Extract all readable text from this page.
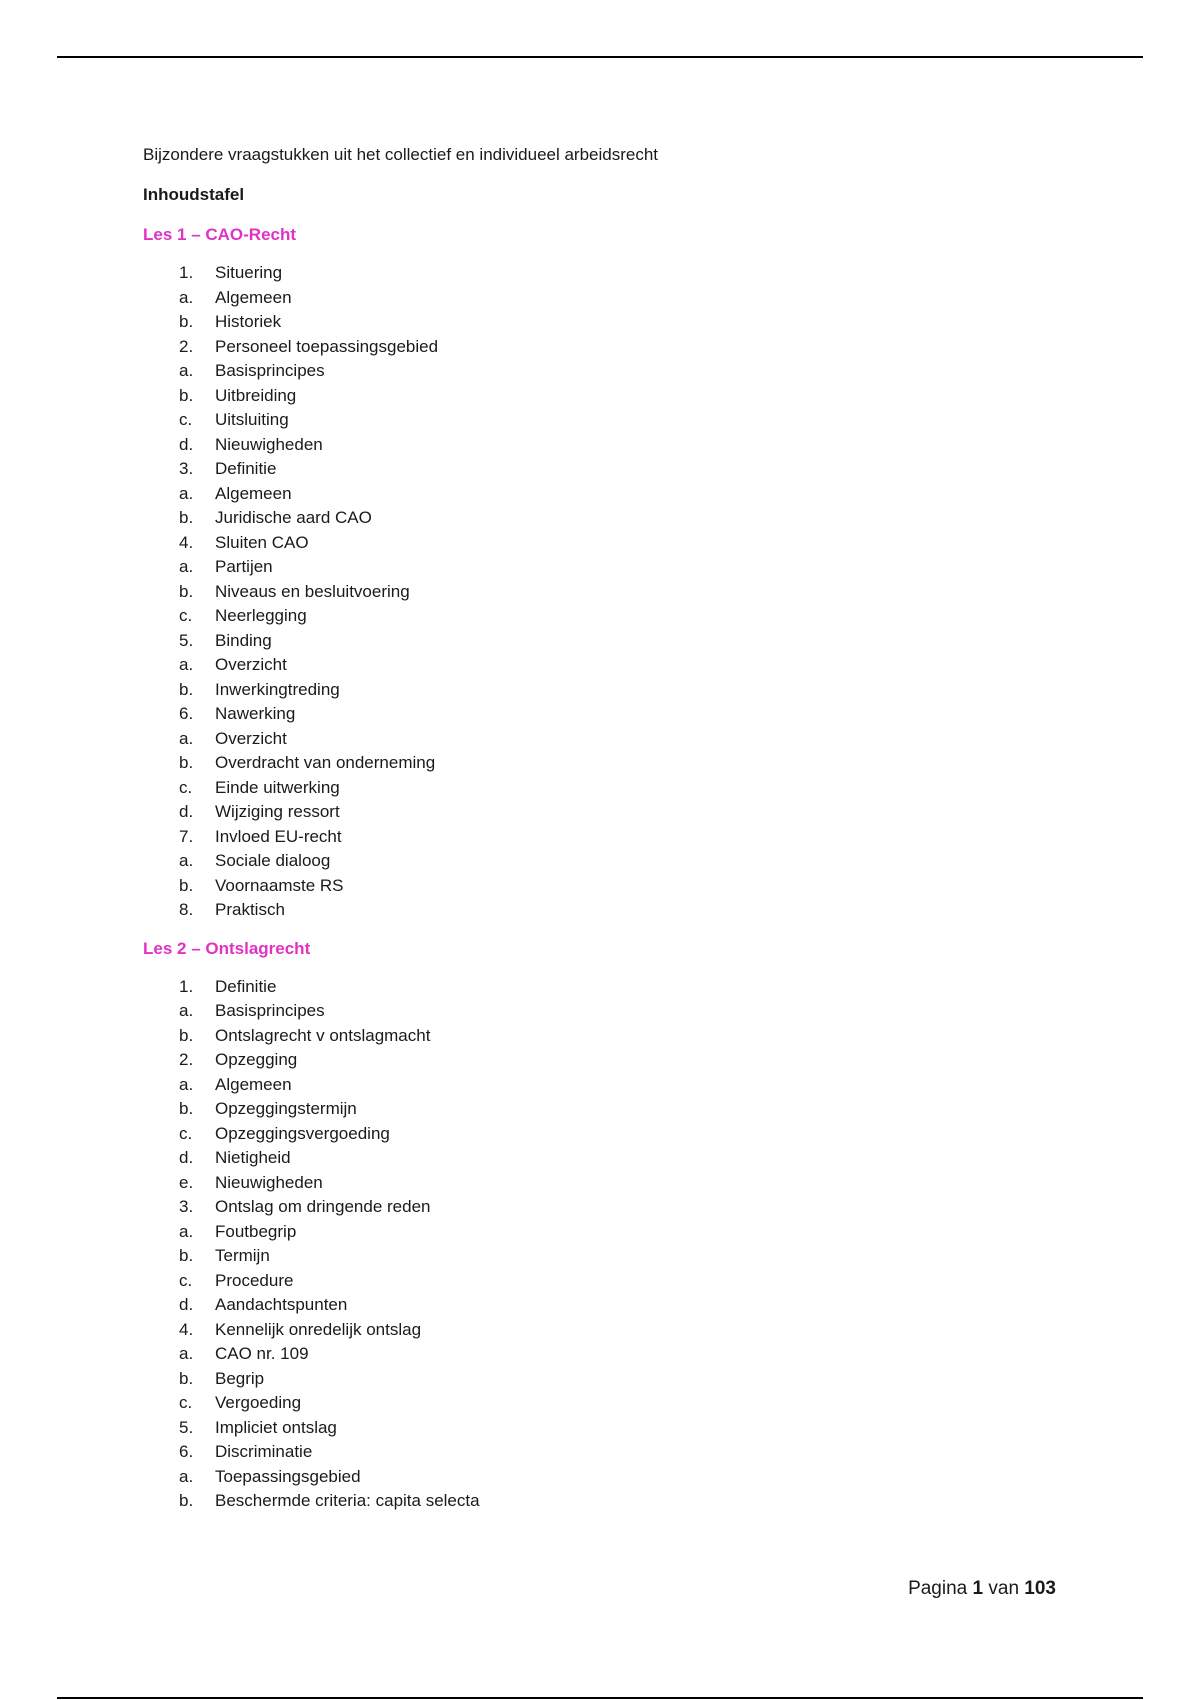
Bijzondere vraagstukken uit het collectief en individueel arbeidsrecht

Inhoudstafel

Les 1 – CAO-Recht

1.	Situering
a.	Algemeen
b.	Historiek
2.	Personeel toepassingsgebied
a.	Basisprincipes
b.	Uitbreiding
c.	Uitsluiting
d.	Nieuwigheden
3.	Definitie
a.	Algemeen
b.	Juridische aard CAO
4.	Sluiten CAO
a.	Partijen
b.	Niveaus en besluitvoering
c.	Neerlegging
5.	Binding
a.	Overzicht
b.	Inwerkingtreding
6.	Nawerking
a.	Overzicht
b.	Overdracht van onderneming
c.	Einde uitwerking
d.	Wijziging ressort
7.	Invloed EU-recht
a.	Sociale dialoog
b.	Voornaamste RS
8.	Praktisch

Les 2 – Ontslagrecht

1.	Definitie
a.	Basisprincipes
b.	Ontslagrecht v ontslagmacht
2.	Opzegging
a.	Algemeen
b.	Opzeggingstermijn
c.	Opzeggingsvergoeding
d.	Nietigheid
e.	Nieuwigheden
3.	Ontslag om dringende reden
a.	Foutbegrip
b.	Termijn
c.	Procedure
d.	Aandachtspunten
4.	Kennelijk onredelijk ontslag
a.	CAO nr. 109
b.	Begrip
c.	Vergoeding
5.	Impliciet ontslag
6.	Discriminatie
a.	Toepassingsgebied
b.	Beschermde criteria: capita selecta
Pagina 1 van 103
